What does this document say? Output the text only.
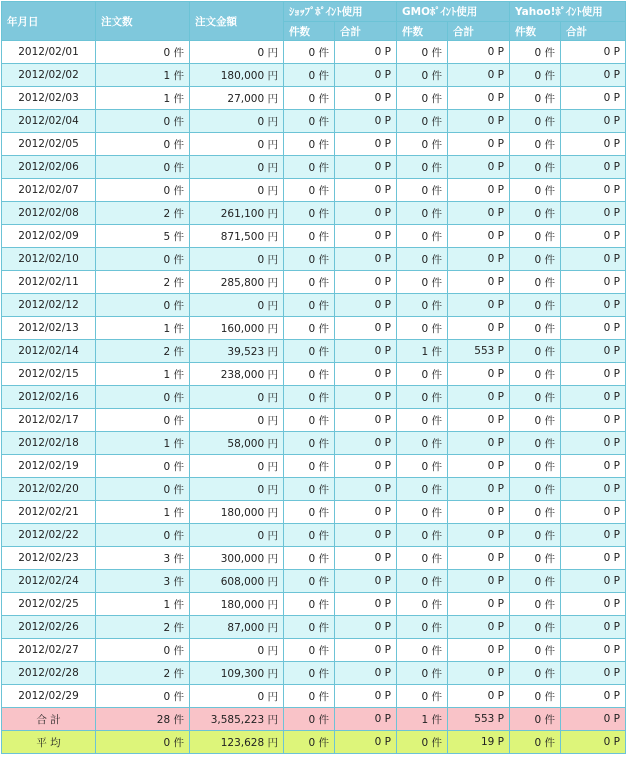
年月日	注文数	注文金額	ｼｮｯﾌﾟﾎﾟｲﾝﾄ使用		GMOﾎﾟｲﾝﾄ使用		Yahoo!ﾎﾟｲﾝﾄ使用	
			件数	合計	件数	合計	件数	合計
2012/02/01	0 件	0 円	0 件	0 P	0 件	0 P	0 件	0 P
2012/02/02	1 件	180,000 円	0 件	0 P	0 件	0 P	0 件	0 P
2012/02/03	1 件	27,000 円	0 件	0 P	0 件	0 P	0 件	0 P
2012/02/04	0 件	0 円	0 件	0 P	0 件	0 P	0 件	0 P
2012/02/05	0 件	0 円	0 件	0 P	0 件	0 P	0 件	0 P
2012/02/06	0 件	0 円	0 件	0 P	0 件	0 P	0 件	0 P
2012/02/07	0 件	0 円	0 件	0 P	0 件	0 P	0 件	0 P
2012/02/08	2 件	261,100 円	0 件	0 P	0 件	0 P	0 件	0 P
2012/02/09	5 件	871,500 円	0 件	0 P	0 件	0 P	0 件	0 P
2012/02/10	0 件	0 円	0 件	0 P	0 件	0 P	0 件	0 P
2012/02/11	2 件	285,800 円	0 件	0 P	0 件	0 P	0 件	0 P
2012/02/12	0 件	0 円	0 件	0 P	0 件	0 P	0 件	0 P
2012/02/13	1 件	160,000 円	0 件	0 P	0 件	0 P	0 件	0 P
2012/02/14	2 件	39,523 円	0 件	0 P	1 件	553 P	0 件	0 P
2012/02/15	1 件	238,000 円	0 件	0 P	0 件	0 P	0 件	0 P
2012/02/16	0 件	0 円	0 件	0 P	0 件	0 P	0 件	0 P
2012/02/17	0 件	0 円	0 件	0 P	0 件	0 P	0 件	0 P
2012/02/18	1 件	58,000 円	0 件	0 P	0 件	0 P	0 件	0 P
2012/02/19	0 件	0 円	0 件	0 P	0 件	0 P	0 件	0 P
2012/02/20	0 件	0 円	0 件	0 P	0 件	0 P	0 件	0 P
2012/02/21	1 件	180,000 円	0 件	0 P	0 件	0 P	0 件	0 P
2012/02/22	0 件	0 円	0 件	0 P	0 件	0 P	0 件	0 P
2012/02/23	3 件	300,000 円	0 件	0 P	0 件	0 P	0 件	0 P
2012/02/24	3 件	608,000 円	0 件	0 P	0 件	0 P	0 件	0 P
2012/02/25	1 件	180,000 円	0 件	0 P	0 件	0 P	0 件	0 P
2012/02/26	2 件	87,000 円	0 件	0 P	0 件	0 P	0 件	0 P
2012/02/27	0 件	0 円	0 件	0 P	0 件	0 P	0 件	0 P
2012/02/28	2 件	109,300 円	0 件	0 P	0 件	0 P	0 件	0 P
2012/02/29	0 件	0 円	0 件	0 P	0 件	0 P	0 件	0 P
合 計	28 件	3,585,223 円	0 件	0 P	1 件	553 P	0 件	0 P
平 均	0 件	123,628 円	0 件	0 P	0 件	19 P	0 件	0 P
